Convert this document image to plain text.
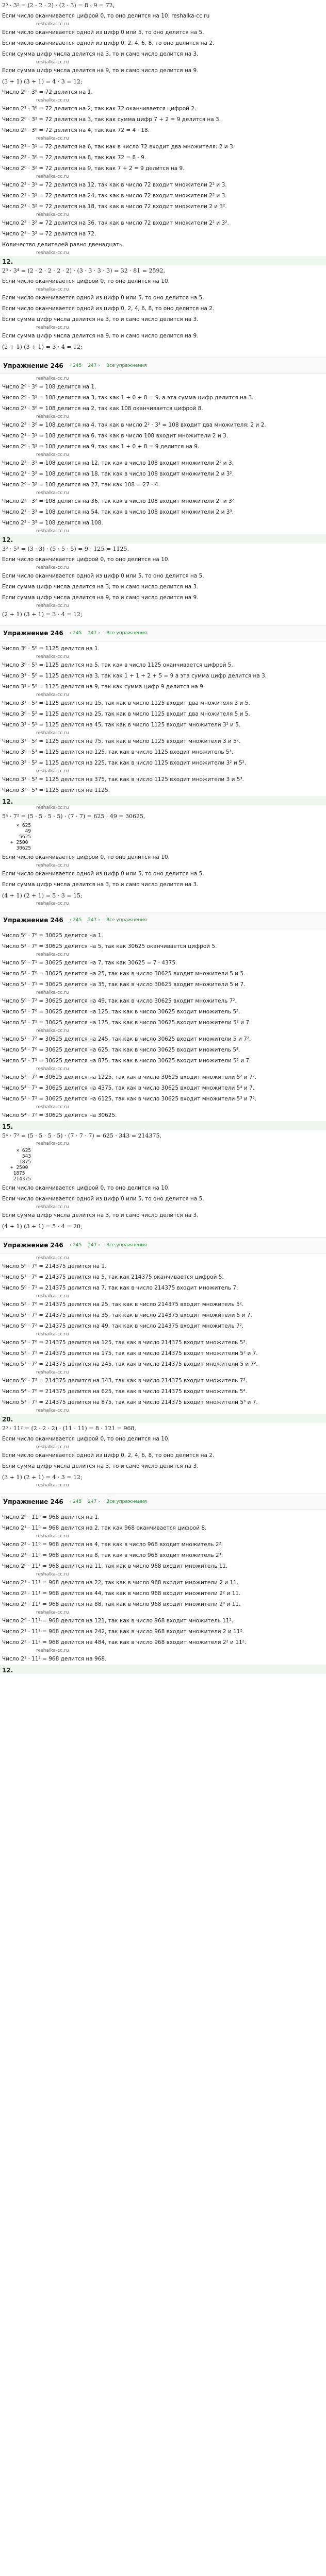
2⁵ · 3² = (2 · 2 · 2) · (2 · 3) = 8 · 9 = 72,
Если число оканчивается цифрой 0, то оно делится на 10. reshalka-cc.ru
reshalka-cc.ru
Если число оканчивается одной из цифр 0 или 5, то оно делится на 5.
Если число оканчивается одной из цифр 0, 2, 4, 6, 8, то оно делится на 2.
Если сумма цифр числа делится на 3, то и само число делится на 3.
reshalka-cc.ru
Если сумма цифр числа делится на 9, то и само число делится на 9.
(3 + 1) (3 + 1) = 4 · 3 = 12;
Число 2⁰ · 3⁰ = 72 делится на 1.
reshalka-cc.ru
Число 2¹ · 3⁰ = 72 делится на 2, так как 72 оканчивается цифрой 2.
Число 2⁰ · 3¹ = 72 делится на 3, так как сумма цифр 7 + 2 = 9 делится на 3.
Число 2² · 3⁰ = 72 делится на 4, так как 72 = 4 · 18.
reshalka-cc.ru
Число 2¹ · 3¹ = 72 делится на 6, так как в число 72 входит два множителя: 2 и 3.
Число 2³ · 3⁰ = 72 делится на 8, так как 72 = 8 · 9.
Число 2⁰ · 3² = 72 делится на 9, так как 7 + 2 = 9 делится на 9.
reshalka-cc.ru
Число 2² · 3¹ = 72 делится на 12, так как в число 72 входит множители 2² и 3.
Число 2³ · 3¹ = 72 делится на 24, так как в число 72 входит множители 2³ и 3.
Число 2¹ · 3² = 72 делится на 18, так как в число 72 входит множители 2 и 3².
reshalka-cc.ru
Число 2² · 3² = 72 делится на 36, так как в число 72 входит множители 2² и 3².
Число 2³ · 3² = 72 делится на 72.
Количество делителей равно двенадцать.
reshalka-cc.ru
12.
2⁵ · 3⁴ = (2 · 2 · 2 · 2 · 2) · (3 · 3 · 3 · 3) = 32 · 81 = 2592,
Если число оканчивается цифрой 0, то оно делится на 10.
reshalka-cc.ru
Если число оканчивается одной из цифр 0 или 5, то оно делится на 5.
Если число оканчивается одной из цифр 0, 2, 4, 6, 8, то оно делится на 2.
Если сумма цифр числа делится на 3, то и само число делится на 3.
reshalka-cc.ru
Если сумма цифр числа делится на 9, то и само число делится на 9.
(2 + 1) (3 + 1) = 3 · 4 = 12;
Упражнение 246 ‹ 245 247 › Все упражнения
reshalka-cc.ru
Число 2⁰ · 3⁰ = 108 делится на 1.
Число 2⁰ · 3¹ = 108 делится на 3, так как 1 + 0 + 8 = 9, а эта сумма цифр делится на 3.
Число 2¹ · 3⁰ = 108 делится на 2, так как 108 оканчивается цифрой 8.
reshalka-cc.ru
Число 2² · 3⁰ = 108 делится на 4, так как в число 2² · 3³ = 108 входит два множителя: 2 и 2.
Число 2¹ · 3¹ = 108 делится на 6, так как в число 108 входит множители 2 и 3.
Число 2⁰ · 3² = 108 делится на 9, так как 1 + 0 + 8 = 9 делится на 9.
reshalka-cc.ru
Число 2² · 3¹ = 108 делится на 12, так как в число 108 входит множители 2² и 3.
Число 2¹ · 3² = 108 делится на 18, так как в число 108 входит множители 2 и 3².
Число 2⁰ · 3³ = 108 делится на 27, так как 108 = 27 · 4.
reshalka-cc.ru
Число 2² · 3² = 108 делится на 36, так как в число 108 входит множители 2² и 3².
Число 2¹ · 3³ = 108 делится на 54, так как в число 108 входит множители 2 и 3³.
Число 2² · 3³ = 108 делится на 108.
reshalka-cc.ru
12.
3² · 5³ = (3 · 3) · (5 · 5 · 5) = 9 · 125 = 1125.
Если число оканчивается цифрой 0, то оно делится на 10.
reshalka-cc.ru
Если число оканчивается одной из цифр 0 или 5, то оно делится на 5.
Если сумма цифр числа делится на 3, то и само число делится на 3.
Если сумма цифр числа делится на 9, то и само число делится на 9.
reshalka-cc.ru
(2 + 1) (3 + 1) = 3 · 4 = 12;
Упражнение 246 ‹ 245 247 › Все упражнения
Число 3⁰ · 5⁰ = 1125 делится на 1.
reshalka-cc.ru
Число 3⁰ · 5¹ = 1125 делится на 5, так как в число 1125 оканчивается цифрой 5.
Число 3¹ · 5⁰ = 1125 делится на 3, так как 1 + 1 + 2 + 5 = 9 а эта сумма цифр делится на 3.
Число 3² · 5⁰ = 1125 делится на 9, так как сумма цифр 9 делится на 9.
reshalka-cc.ru
Число 3¹ · 5¹ = 1125 делится на 15, так как в число 1125 входит два множителя 3 и 5.
Число 3⁰ · 5² = 1125 делится на 25, так как в число 1125 входит два множителя 5 и 5.
Число 3² · 5¹ = 1125 делится на 45, так как в число 1125 входит множители 3² и 5.
reshalka-cc.ru
Число 3¹ · 5² = 1125 делится на 75, так как в число 1125 входит множители 3 и 5².
Число 3⁰ · 5³ = 1125 делится на 125, так как в число 1125 входит множитель 5³.
Число 3² · 5² = 1125 делится на 225, так как в число 1125 входит множители 3² и 5².
reshalka-cc.ru
Число 3¹ · 5³ = 1125 делится на 375, так как в число 1125 входит множители 3 и 5³.
Число 3² · 5³ = 1125 делится на 1125.
12.
reshalka-cc.ru
5⁴ · 7² = (5 · 5 · 5 · 5) · (7 · 7) = 625 · 49 = 30625,
× 625
49
5625
+ 2500
30625
Если число оканчивается цифрой 0, то оно делится на 10.
reshalka-cc.ru
Если число оканчивается одной из цифр 0 или 5, то оно делится на 5.
Если сумма цифр числа делится на 3, то и само число делится на 3.
(4 + 1) (2 + 1) = 5 · 3 = 15;
reshalka-cc.ru
Упражнение 246 ‹ 245 247 › Все упражнения
Число 5⁰ · 7⁰ = 30625 делится на 1.
Число 5¹ · 7⁰ = 30625 делится на 5, так как 30625 оканчивается цифрой 5.
reshalka-cc.ru
Число 5⁰ · 7¹ = 30625 делится на 7, так как 30625 = 7 · 4375.
Число 5² · 7⁰ = 30625 делится на 25, так как в число 30625 входит множители 5 и 5.
Число 5¹ · 7¹ = 30625 делится на 35, так как в число 30625 входит множители 5 и 7.
reshalka-cc.ru
Число 5⁰ · 7² = 30625 делится на 49, так как в число 30625 входит множитель 7².
Число 5³ · 7⁰ = 30625 делится на 125, так как в число 30625 входит множитель 5³.
Число 5² · 7¹ = 30625 делится на 175, так как в число 30625 входит множители 5² и 7.
reshalka-cc.ru
Число 5¹ · 7² = 30625 делится на 245, так как в число 30625 входит множители 5 и 7².
Число 5⁴ · 7⁰ = 30625 делится на 625, так как в число 30625 входит множитель 5⁴.
Число 5³ · 7¹ = 30625 делится на 875, так как в число 30625 входит множители 5³ и 7.
reshalka-cc.ru
Число 5² · 7² = 30625 делится на 1225, так как в число 30625 входит множители 5² и 7².
Число 5⁴ · 7¹ = 30625 делится на 4375, так как в число 30625 входит множители 5⁴ и 7.
Число 5³ · 7² = 30625 делится на 6125, так как в число 30625 входит множители 5³ и 7².
reshalka-cc.ru
Число 5⁴ · 7² = 30625 делится на 30625.
15.
5⁴ · 7³ = (5 · 5 · 5 · 5) · (7 · 7 · 7) = 625 · 343 = 214375,
reshalka-cc.ru
× 625
343
1875
+ 2500
1875
214375
Если число оканчивается цифрой 0, то оно делится на 10.
Если число оканчивается одной из цифр 0 или 5, то оно делится на 5.
reshalka-cc.ru
Если сумма цифр числа делится на 3, то и само число делится на 3.
(4 + 1) (3 + 1) = 5 · 4 = 20;
Упражнение 246 ‹ 245 247 › Все упражнения
reshalka-cc.ru
Число 5⁰ · 7⁰ = 214375 делится на 1.
Число 5¹ · 7⁰ = 214375 делится на 5, так как 214375 оканчивается цифрой 5.
Число 5⁰ · 7¹ = 214375 делится на 7, так как в число 214375 входит множитель 7.
reshalka-cc.ru
Число 5² · 7⁰ = 214375 делится на 25, так как в число 214375 входит множитель 5².
Число 5¹ · 7¹ = 214375 делится на 35, так как в число 214375 входит множители 5 и 7.
Число 5⁰ · 7² = 214375 делится на 49, так как в число 214375 входит множитель 7².
reshalka-cc.ru
Число 5³ · 7⁰ = 214375 делится на 125, так как в число 214375 входит множитель 5³.
Число 5² · 7¹ = 214375 делится на 175, так как в число 214375 входит множители 5² и 7.
Число 5¹ · 7² = 214375 делится на 245, так как в число 214375 входит множители 5 и 7².
reshalka-cc.ru
Число 5⁰ · 7³ = 214375 делится на 343, так как в число 214375 входит множитель 7³.
Число 5⁴ · 7⁰ = 214375 делится на 625, так как в число 214375 входит множитель 5⁴.
Число 5³ · 7¹ = 214375 делится на 875, так как в число 214375 входит множители 5³ и 7.
reshalka-cc.ru
20.
2³ · 11² = (2 · 2 · 2) · (11 · 11) = 8 · 121 = 968,
Если число оканчивается цифрой 0, то оно делится на 10.
reshalka-cc.ru
Если число оканчивается одной из цифр 0, 2, 4, 6, 8, то оно делится на 2.
Если сумма цифр числа делится на 3, то и само число делится на 3.
(3 + 1) (2 + 1) = 4 · 3 = 12;
reshalka-cc.ru
Упражнение 246 ‹ 245 247 › Все упражнения
Число 2⁰ · 11⁰ = 968 делится на 1.
Число 2¹ · 11⁰ = 968 делится на 2, так как 968 оканчивается цифрой 8.
reshalka-cc.ru
Число 2² · 11⁰ = 968 делится на 4, так как в число 968 входит множитель 2².
Число 2³ · 11⁰ = 968 делится на 8, так как в число 968 входит множитель 2³.
Число 2⁰ · 11¹ = 968 делится на 11, так как в число 968 входит множитель 11.
reshalka-cc.ru
Число 2¹ · 11¹ = 968 делится на 22, так как в число 968 входит множители 2 и 11.
Число 2² · 11¹ = 968 делится на 44, так как в число 968 входит множители 2² и 11.
Число 2³ · 11¹ = 968 делится на 88, так как в число 968 входит множители 2³ и 11.
reshalka-cc.ru
Число 2⁰ · 11² = 968 делится на 121, так как в число 968 входит множитель 11².
Число 2¹ · 11² = 968 делится на 242, так как в число 968 входит множители 2 и 11².
Число 2² · 11² = 968 делится на 484, так как в число 968 входит множители 2² и 11².
reshalka-cc.ru
Число 2³ · 11² = 968 делится на 968.
12.
